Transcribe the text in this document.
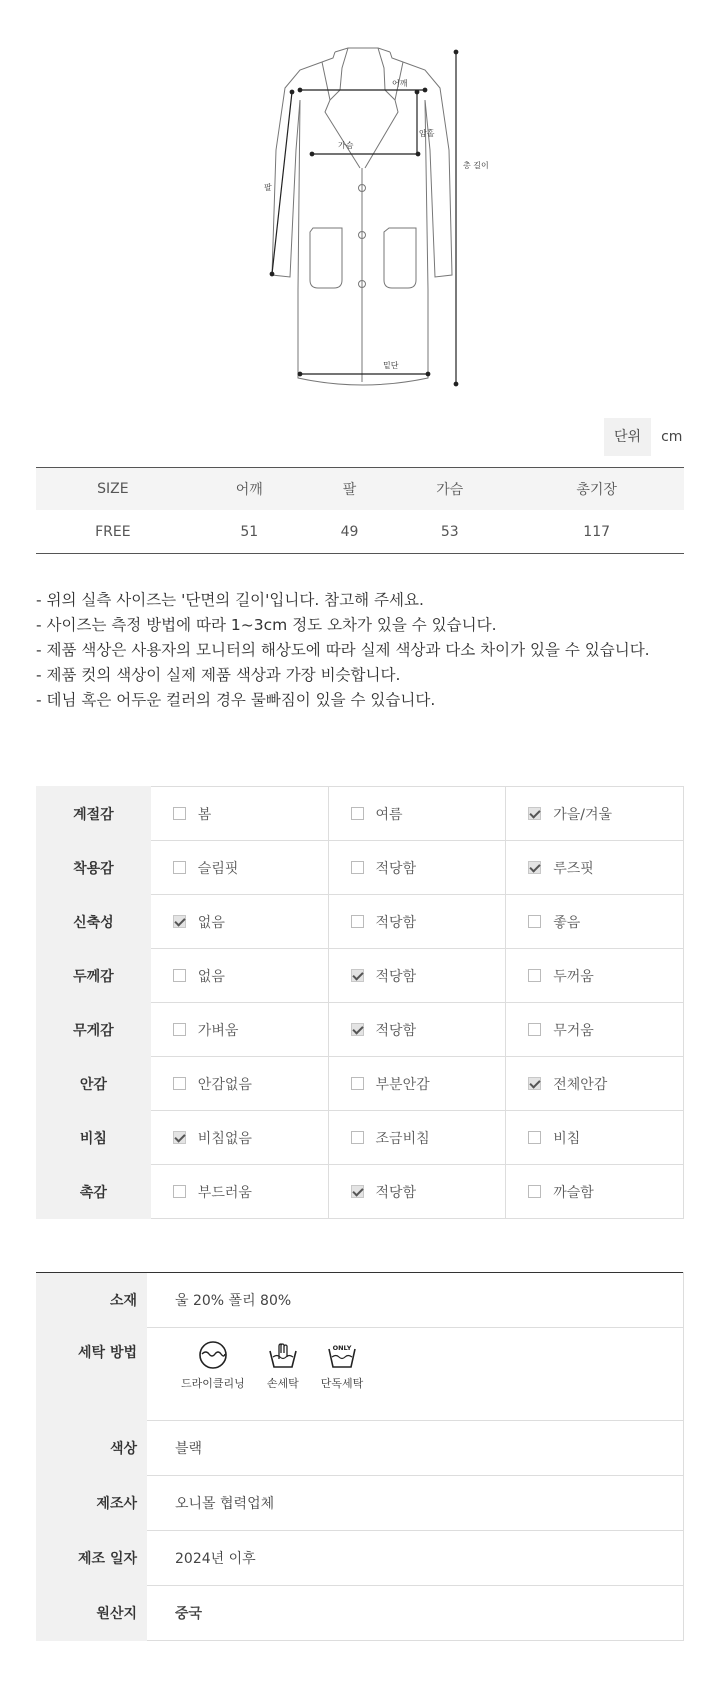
어깨
가슴
암홀
팔
총 길이
밑단
단위	cm
SIZE	어깨	팔	가슴	총기장
FREE	51	49	53	117
- 위의 실측 사이즈는 '단면의 길이'입니다. 참고해 주세요.
- 사이즈는 측정 방법에 따라 1~3cm 정도 오차가 있을 수 있습니다.
- 제품 색상은 사용자의 모니터의 해상도에 따라 실제 색상과 다소 차이가 있을 수 있습니다.
- 제품 컷의 색상이 실제 제품 색상과 가장 비슷합니다.
- 데님 혹은 어두운 컬러의 경우 물빠짐이 있을 수 있습니다.
계절감	봄	여름	가을/겨울
착용감	슬림핏	적당함	루즈핏
신축성	없음	적당함	좋음
두께감	없음	적당함	두꺼움
무게감	가벼움	적당함	무거움
안감	안감없음	부분안감	전체안감
비침	비침없음	조금비침	비침
촉감	부드러움	적당함	까슬함
소재	울 20% 폴리 80%
세탁 방법	드라이클리닝 손세탁
ONLY
단독세탁

색상	블랙
제조사	오니몰 협력업체
제조 일자	2024년 이후
원산지	중국
